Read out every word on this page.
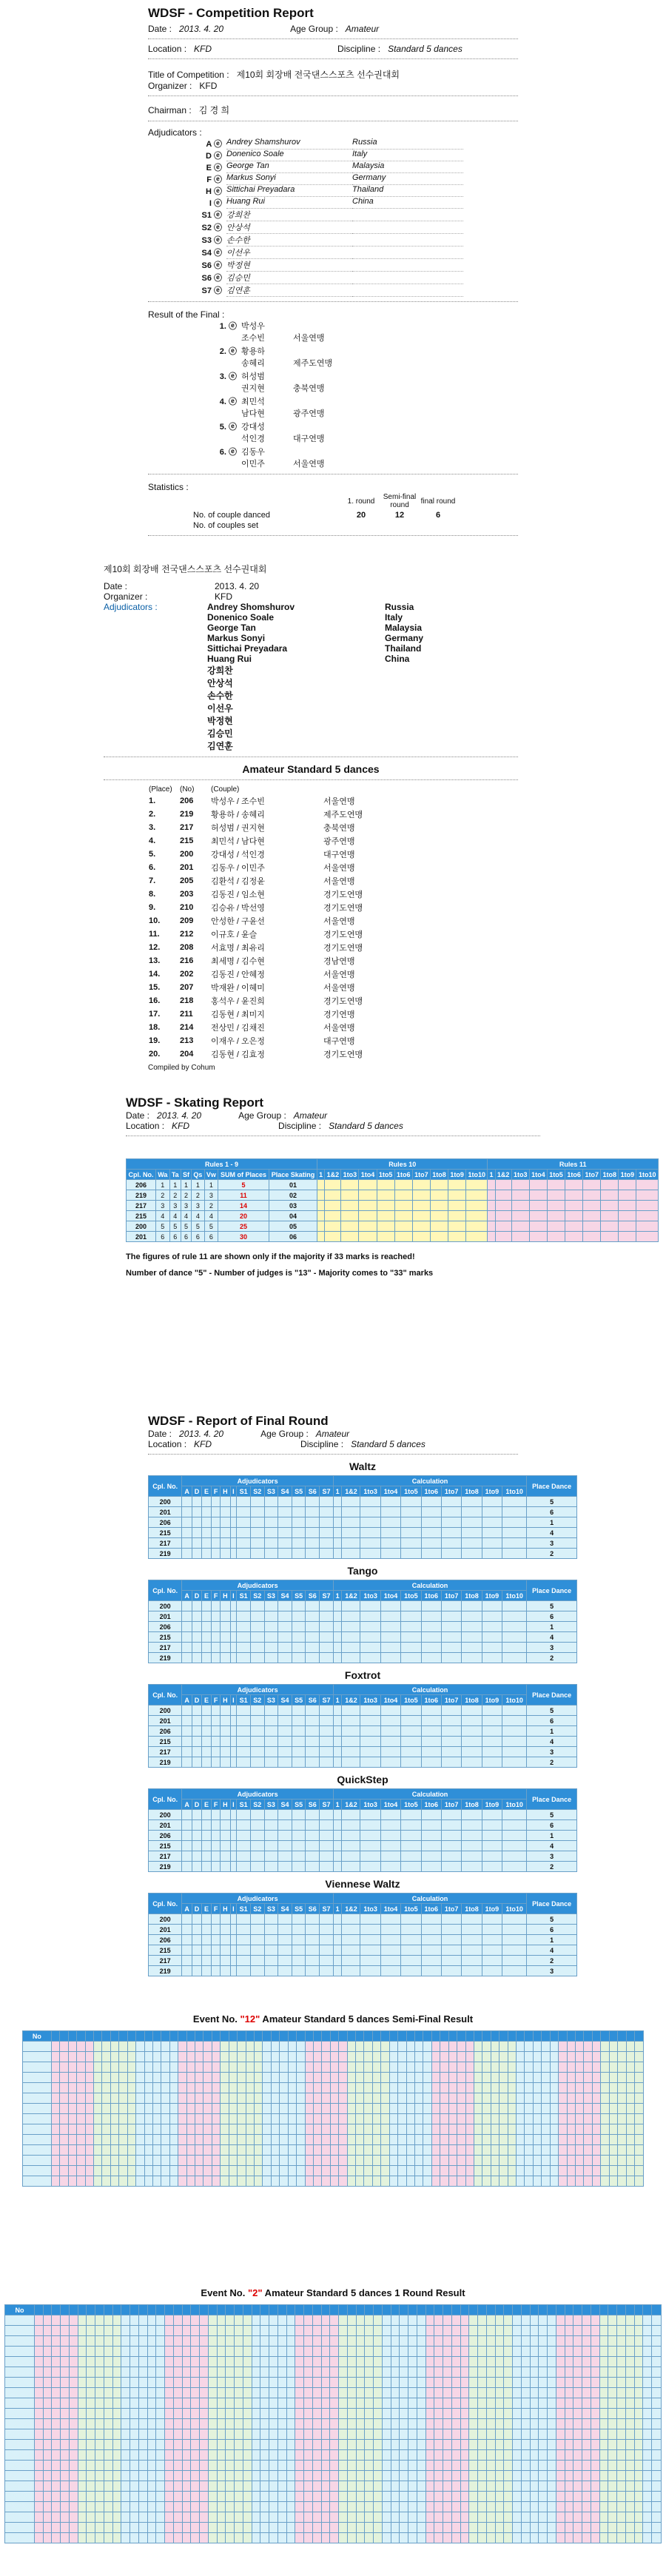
WDSF - Competition Report
Date : 2013. 4. 20	Age Group : Amateur
Location : KFD	Discipline : Standard 5 dances
Title of Competition : 제10회 회장배 전국댄스스포츠 선수권대회
Organizer : KFD
Chairman : 김 경 희
Adjudicators :
A ⓔ Andrey Shamshurov	Russia
D ⓔ Donenico Soale	Italy
E ⓔ George Tan	Malaysia
F ⓔ Markus Sonyi	Germany
H ⓔ Sittichai Preyadara	Thailand
I ⓔ Huang Rui	China
S1 ⓔ 강희찬
S2 ⓔ 안상석
S3 ⓔ 손수한
S4 ⓔ 이선우
S6 ⓔ 박정현
S6 ⓔ 김승민
S7 ⓔ 김연훈
Result of the Final :
1. ⓔ 박성우
조수빈	서울연맹
2. ⓔ 황용하
송혜리	제주도연맹
3. ⓔ 허성범
권지현	충북연맹
4. ⓔ 최민석
남다현	광주연맹
5. ⓔ 강대성
석인경	대구연맹
6. ⓔ 김동우
이민주	서울연맹
Statistics :
	1. round	Semi-final round	final round
No. of couple danced	20	12	6
No. of couples set			
제10회 회장배 전국댄스스포츠 선수권대회
Date :	2013. 4. 20
Organizer :	KFD
Adjudicators :	Andrey Shomshurov	Russia
Donenico Soale	Italy
George Tan	Malaysia
Markus Sonyi	Germany
Sittichai Preyadara	Thailand
Huang Rui	China
강희찬
안상석
손수한
이선우
박정현
김승민
김연훈
Amateur Standard 5 dances
(Place)	(No)	(Couple)	
1.	206	박성우 / 조수빈	서울연맹
2.	219	황용하 / 송혜리	제주도연맹
3.	217	허성범 / 권지현	충북연맹
4.	215	최민석 / 남다현	광주연맹
5.	200	강대성 / 석인경	대구연맹
6.	201	김동우 / 이민주	서울연맹
7.	205	김환석 / 김정윤	서울연맹
8.	203	김동진 / 임소현	경기도연맹
9.	210	김승유 / 박선영	경기도연맹
10.	209	안성한 / 구윤선	서울연맹
11.	212	이규호 / 윤슬	경기도연맹
12.	208	서효명 / 최유리	경기도연맹
13.	216	최세명 / 김수현	경남연맹
14.	202	김동진 / 안혜정	서울연맹
15.	207	박재완 / 이혜미	서울연맹
16.	218	홍석우 / 윤진희	경기도연맹
17.	211	김동현 / 최미지	경기연맹
18.	214	전상민 / 김채진	서울연맹
19.	213	이재우 / 오은정	대구연맹
20.	204	김동현 / 김효정	경기도연맹
Compiled by Cohum
WDSF - Skating Report
Date : 2013. 4. 20	Age Group : Amateur
Location : KFD	Discipline : Standard 5 dances
Rules 1 - 9								Rules 10										Rules 11									
Cpl. No.	Wa	Ta	Sf	Qs	Vw	SUM of Places	Place Skating	1	1&2	1to3	1to4	1to5	1to6	1to7	1to8	1to9	1to10	1	1&2	1to3	1to4	1to5	1to6	1to7	1to8	1to9	1to10
206	1	1	1	1	1	5	01																				
219	2	2	2	2	3	11	02																				
217	3	3	3	3	2	14	03																				
215	4	4	4	4	4	20	04																				
200	5	5	5	5	5	25	05																				
201	6	6	6	6	6	30	06																				
The figures of rule 11 are shown only if the majority if 33 marks is reached!
Number of dance "5" - Number of judges is "13" - Majority comes to "33" marks
WDSF - Report of Final Round
Date : 2013. 4. 20	Age Group : Amateur
Location : KFD	Discipline : Standard 5 dances
Waltz
Cpl. No.	Adjudicators													Calculation										Place Dance
	A	D	E	F	H	I	S1	S2	S3	S4	S5	S6	S7	1	1&2	1to3	1to4	1to5	1to6	1to7	1to8	1to9	1to10	
200																								5
201																								6
206																								1
215																								4
217																								3
219																								2
Tango
Cpl. No.	Adjudicators													Calculation										Place Dance
	A	D	E	F	H	I	S1	S2	S3	S4	S5	S6	S7	1	1&2	1to3	1to4	1to5	1to6	1to7	1to8	1to9	1to10	
200																								5
201																								6
206																								1
215																								4
217																								3
219																								2
Foxtrot
Cpl. No.	Adjudicators													Calculation										Place Dance
	A	D	E	F	H	I	S1	S2	S3	S4	S5	S6	S7	1	1&2	1to3	1to4	1to5	1to6	1to7	1to8	1to9	1to10	
200																								5
201																								6
206																								1
215																								4
217																								3
219																								2
QuickStep
Cpl. No.	Adjudicators													Calculation										Place Dance
	A	D	E	F	H	I	S1	S2	S3	S4	S5	S6	S7	1	1&2	1to3	1to4	1to5	1to6	1to7	1to8	1to9	1to10	
200																								5
201																								6
206																								1
215																								4
217																								3
219																								2
Viennese Waltz
Cpl. No.	Adjudicators													Calculation										Place Dance
	A	D	E	F	H	I	S1	S2	S3	S4	S5	S6	S7	1	1&2	1to3	1to4	1to5	1to6	1to7	1to8	1to9	1to10	
200																								5
201																								6
206																								1
215																								4
217																								2
219																								3
Event No. "12" Amateur Standard 5 dances Semi-Final Result
No																																																																						

Event No. "2" Amateur Standard 5 dances 1 Round Result
No																																																																								
